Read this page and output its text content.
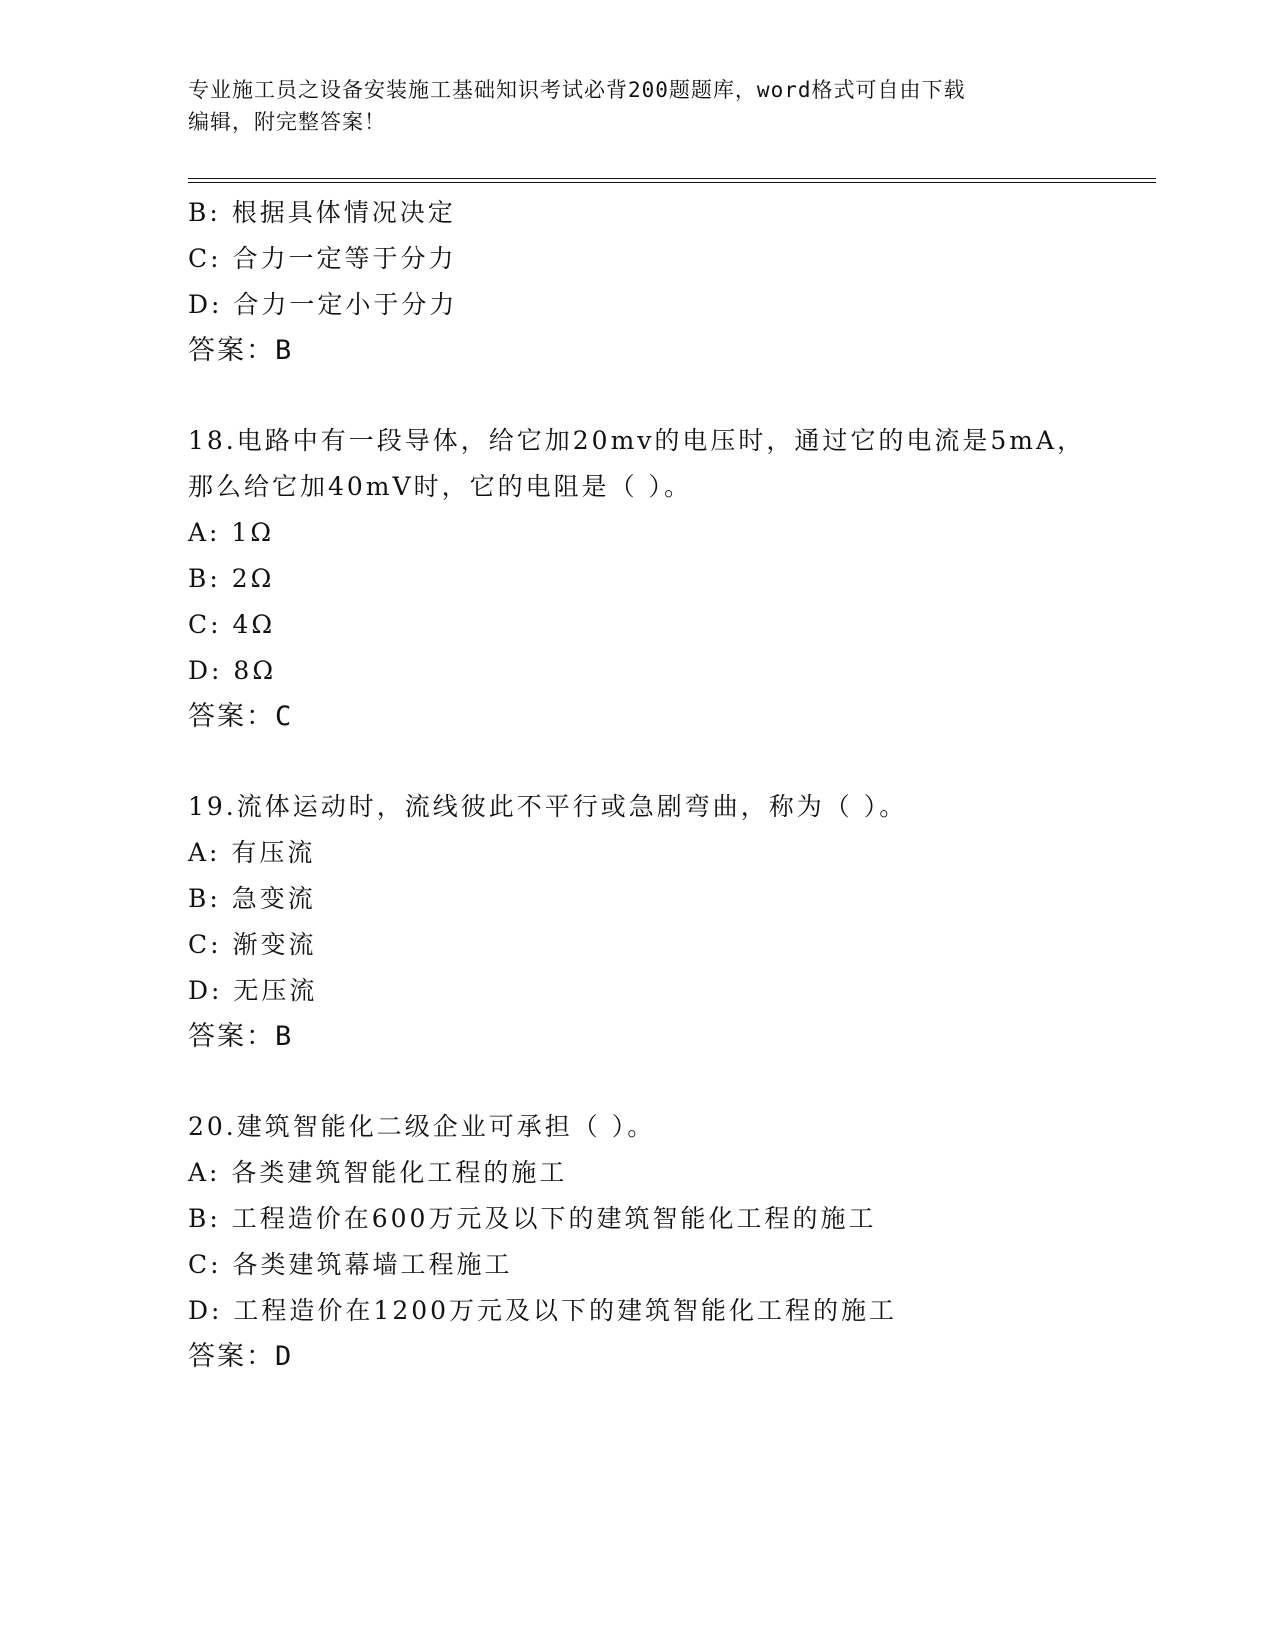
专业施工员之设备安装施工基础知识考试必背200题题库，word格式可自由下载
编辑，附完整答案！
B: 根据具体情况决定
C: 合力一定等于分力
D: 合力一定小于分力
答案：B
18.电路中有一段导体，给它加20mv的电压时，通过它的电流是5mA，
那么给它加40mV时，它的电阻是（ ）。
A: 1Ω
B: 2Ω
C: 4Ω
D: 8Ω
答案：C
19.流体运动时，流线彼此不平行或急剧弯曲，称为（ ）。
A: 有压流
B: 急变流
C: 渐变流
D: 无压流
答案：B
20.建筑智能化二级企业可承担（ ）。
A: 各类建筑智能化工程的施工
B: 工程造价在600万元及以下的建筑智能化工程的施工
C: 各类建筑幕墙工程施工
D: 工程造价在1200万元及以下的建筑智能化工程的施工
答案：D
